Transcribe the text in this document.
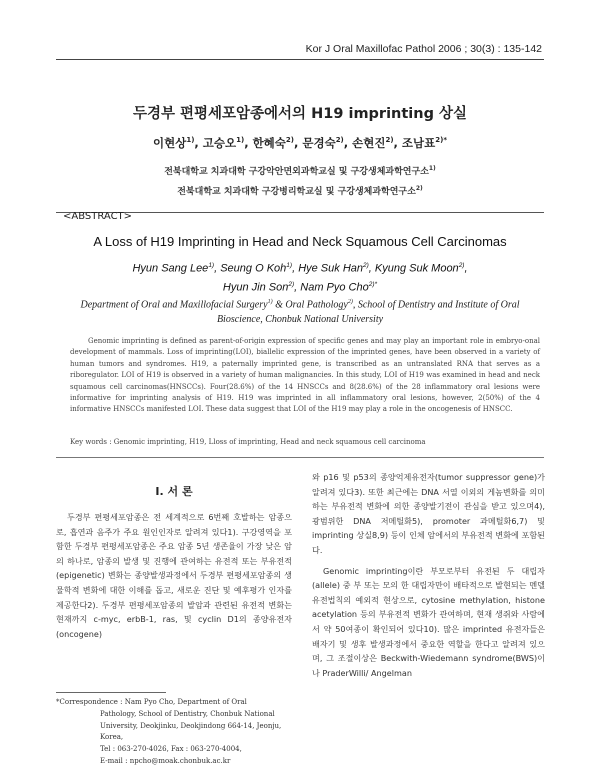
Kor J Oral Maxillofac Pathol 2006 ; 30(3) : 135-142
두경부 편평세포암종에서의 H19 imprinting 상실
이현상$^{1)}$, 고승오$^{1)}$, 한혜숙$^{2)}$, 문경숙$^{2)}$, 손현진$^{2)}$, 조남표$^{2)*}$
전북대학교 치과대학 구강악안면외과학교실 및 구강생체과학연구소$^{1)}$
전북대학교 치과대학 구강병리학교실 및 구강생체과학연구소$^{2)}$
<ABSTRACT>
A Loss of H19 Imprinting in Head and Neck Squamous Cell Carcinomas
Hyun Sang Lee$^{1)}$, Seung O Koh$^{1)}$, Hye Suk Han$^{2)}$, Kyung Suk Moon$^{2)}$,
Hyun Jin Son$^{2)}$, Nam Pyo Cho$^{2)*}$
Department of Oral and Maxillofacial Surgery$^{1)}$ & Oral Pathology$^{2)}$, School of Dentistry and Institute of Oral Bioscience, Chonbuk National University

Genomic imprinting is defined as parent-of-origin expression of specific genes and may play an important role in embryo-onal development of mammals. Loss of imprinting(LOI), biallelic expression of the imprinted genes, have been observed in a variety of human tumors and syndromes. H19, a paternally imprinted gene, is transcribed as an untranslated RNA that serves as a riboregulator. LOI of H19 is observed in a variety of human malignancies. In this study, LOI of H19 was examined in head and neck squamous cell carcinomas(HNSCCs). Four(28.6%) of the 14 HNSCCs and 8(28.6%) of the 28 inflammatory oral lesions were informative for imprinting analysis of H19. H19 was imprinted in all inflammatory oral lesions, however, 2(50%) of the 4 informative HNSCCs manifested LOI. These data suggest that LOI of the H19 may play a role in the oncogenesis of HNSCC.

Key words : Genomic imprinting, H19, Lloss of imprinting, Head and neck squamous cell carcinoma
I. 서 론

두경부 편평세포암종은 전 세계적으로 6번째 호발하는 암종으로, 흡연과 음주가 주요 원인인자로 알려져 있다1). 구강영역을 포함한 두경부 편평세포암종은 주요 암종 5년 생존율이 가장 낮은 암의 하나로, 암종의 발생 및 진행에 관여하는 유전적 또는 부유전적(epigenetic) 변화는 종양발생과정에서 두경부 편평세포암종의 생물학적 변화에 대한 이해를 돕고, 새로운 진단 및 예후평가 인자를 제공한다2). 두경부 편평세포암종의 발암과 관련된 유전적 변화는 현재까지 c-myc, erbB-1, ras, 및 cyclin D1의 종양유전자(oncogene)

와 p16 및 p53의 종양억제유전자(tumor suppressor gene)가 알려져 있다3). 또한 최근에는 DNA 서열 이외의 게놈변화를 의미하는 부유전적 변화에 의한 종양발기전이 관심을 받고 있으며4), 광범위한 DNA 저메틸화5), promoter 과메틸화6,7) 및 imprinting 상실8,9) 등이 인체 암에서의 부유전적 변화에 포함된다.

Genomic imprinting이란 부모로부터 유전된 두 대립자(allele) 중 부 또는 모의 한 대립자만이 배타적으로 발현되는 멘델 유전법칙의 예외적 현상으로, cytosine methylation, histone acetylation 등의 부유전적 변화가 관여하며, 현재 생쥐와 사람에서 약 50여종이 확인되어 있다10). 많은 imprinted 유전자들은 배자기 및 생후 발생과정에서 중요한 역할을 한다고 알려져 있으며, 그 조절이상은 Beckwith-Wiedemann syndrome(BWS)이나 PraderWilli/ Angelman

*Correspondence : Nam Pyo Cho, Department of Oral
Pathology, School of Dentistry, Chonbuk National
University, Deokjinku, Deokjindong 664-14, Jeonju, Korea,
Tel : 063-270-4026, Fax : 063-270-4004,
E-mail : npcho@moak.chonbuk.ac.kr
